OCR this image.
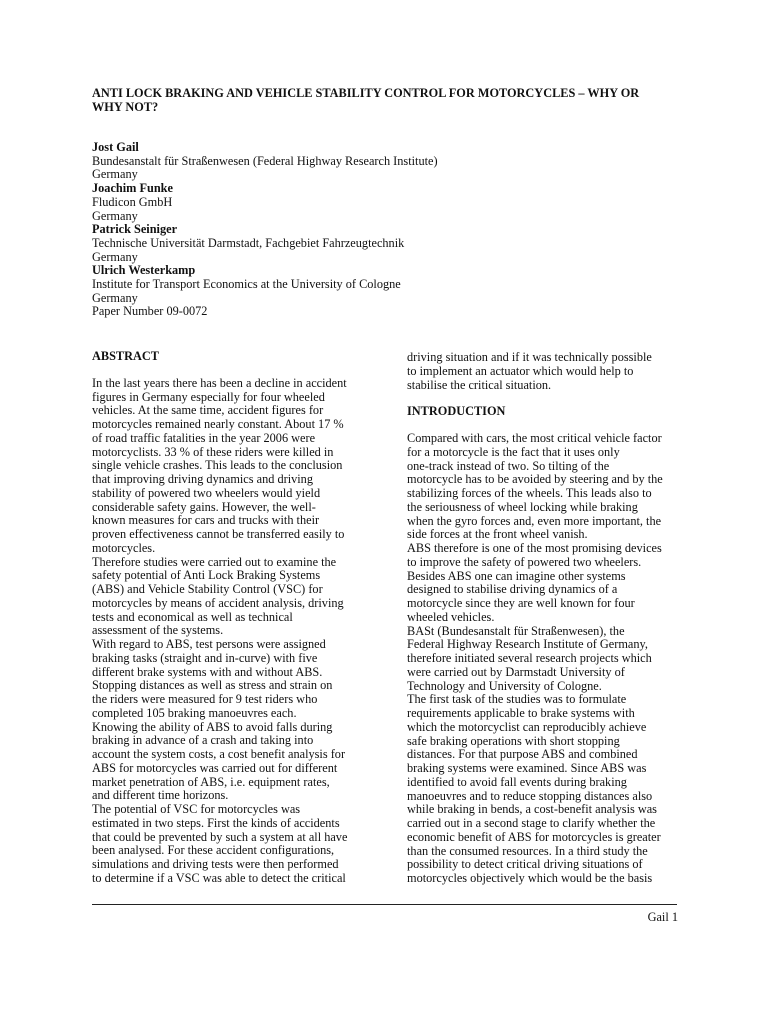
ANTI LOCK BRAKING AND VEHICLE STABILITY CONTROL FOR MOTORCYCLES – WHY OR
WHY NOT?
Jost Gail
Bundesanstalt für Straßenwesen (Federal Highway Research Institute)
Germany
Joachim Funke
Fludicon GmbH
Germany
Patrick Seiniger
Technische Universität Darmstadt, Fachgebiet Fahrzeugtechnik
Germany
Ulrich Westerkamp
Institute for Transport Economics at the University of Cologne
Germany
Paper Number 09-0072
ABSTRACT
In the last years there has been a decline in accident
figures in Germany especially for four wheeled
vehicles. At the same time, accident figures for
motorcycles remained nearly constant. About 17 %
of road traffic fatalities in the year 2006 were
motorcyclists. 33 % of these riders were killed in
single vehicle crashes. This leads to the conclusion
that improving driving dynamics and driving
stability of powered two wheelers would yield
considerable safety gains. However, the well-
known measures for cars and trucks with their
proven effectiveness cannot be transferred easily to
motorcycles.
Therefore studies were carried out to examine the
safety potential of Anti Lock Braking Systems
(ABS) and Vehicle Stability Control (VSC) for
motorcycles by means of accident analysis, driving
tests and economical as well as technical
assessment of the systems.
With regard to ABS, test persons were assigned
braking tasks (straight and in-curve) with five
different brake systems with and without ABS.
Stopping distances as well as stress and strain on
the riders were measured for 9 test riders who
completed 105 braking manoeuvres each.
Knowing the ability of ABS to avoid falls during
braking in advance of a crash and taking into
account the system costs, a cost benefit analysis for
ABS for motorcycles was carried out for different
market penetration of ABS, i.e. equipment rates,
and different time horizons.
The potential of VSC for motorcycles was
estimated in two steps. First the kinds of accidents
that could be prevented by such a system at all have
been analysed. For these accident configurations,
simulations and driving tests were then performed
to determine if a VSC was able to detect the critical
driving situation and if it was technically possible
to implement an actuator which would help to
stabilise the critical situation.
INTRODUCTION
Compared with cars, the most critical vehicle factor
for a motorcycle is the fact that it uses only
one-track instead of two. So tilting of the
motorcycle has to be avoided by steering and by the
stabilizing forces of the wheels. This leads also to
the seriousness of wheel locking while braking
when the gyro forces and, even more important, the
side forces at the front wheel vanish.
ABS therefore is one of the most promising devices
to improve the safety of powered two wheelers.
Besides ABS one can imagine other systems
designed to stabilise driving dynamics of a
motorcycle since they are well known for four
wheeled vehicles.
BASt (Bundesanstalt für Straßenwesen), the
Federal Highway Research Institute of Germany,
therefore initiated several research projects which
were carried out by Darmstadt University of
Technology and University of Cologne.
The first task of the studies was to formulate
requirements applicable to brake systems with
which the motorcyclist can reproducibly achieve
safe braking operations with short stopping
distances. For that purpose ABS and combined
braking systems were examined. Since ABS was
identified to avoid fall events during braking
manoeuvres and to reduce stopping distances also
while braking in bends, a cost-benefit analysis was
carried out in a second stage to clarify whether the
economic benefit of ABS for motorcycles is greater
than the consumed resources. In a third study the
possibility to detect critical driving situations of
motorcycles objectively which would be the basis
Gail 1
